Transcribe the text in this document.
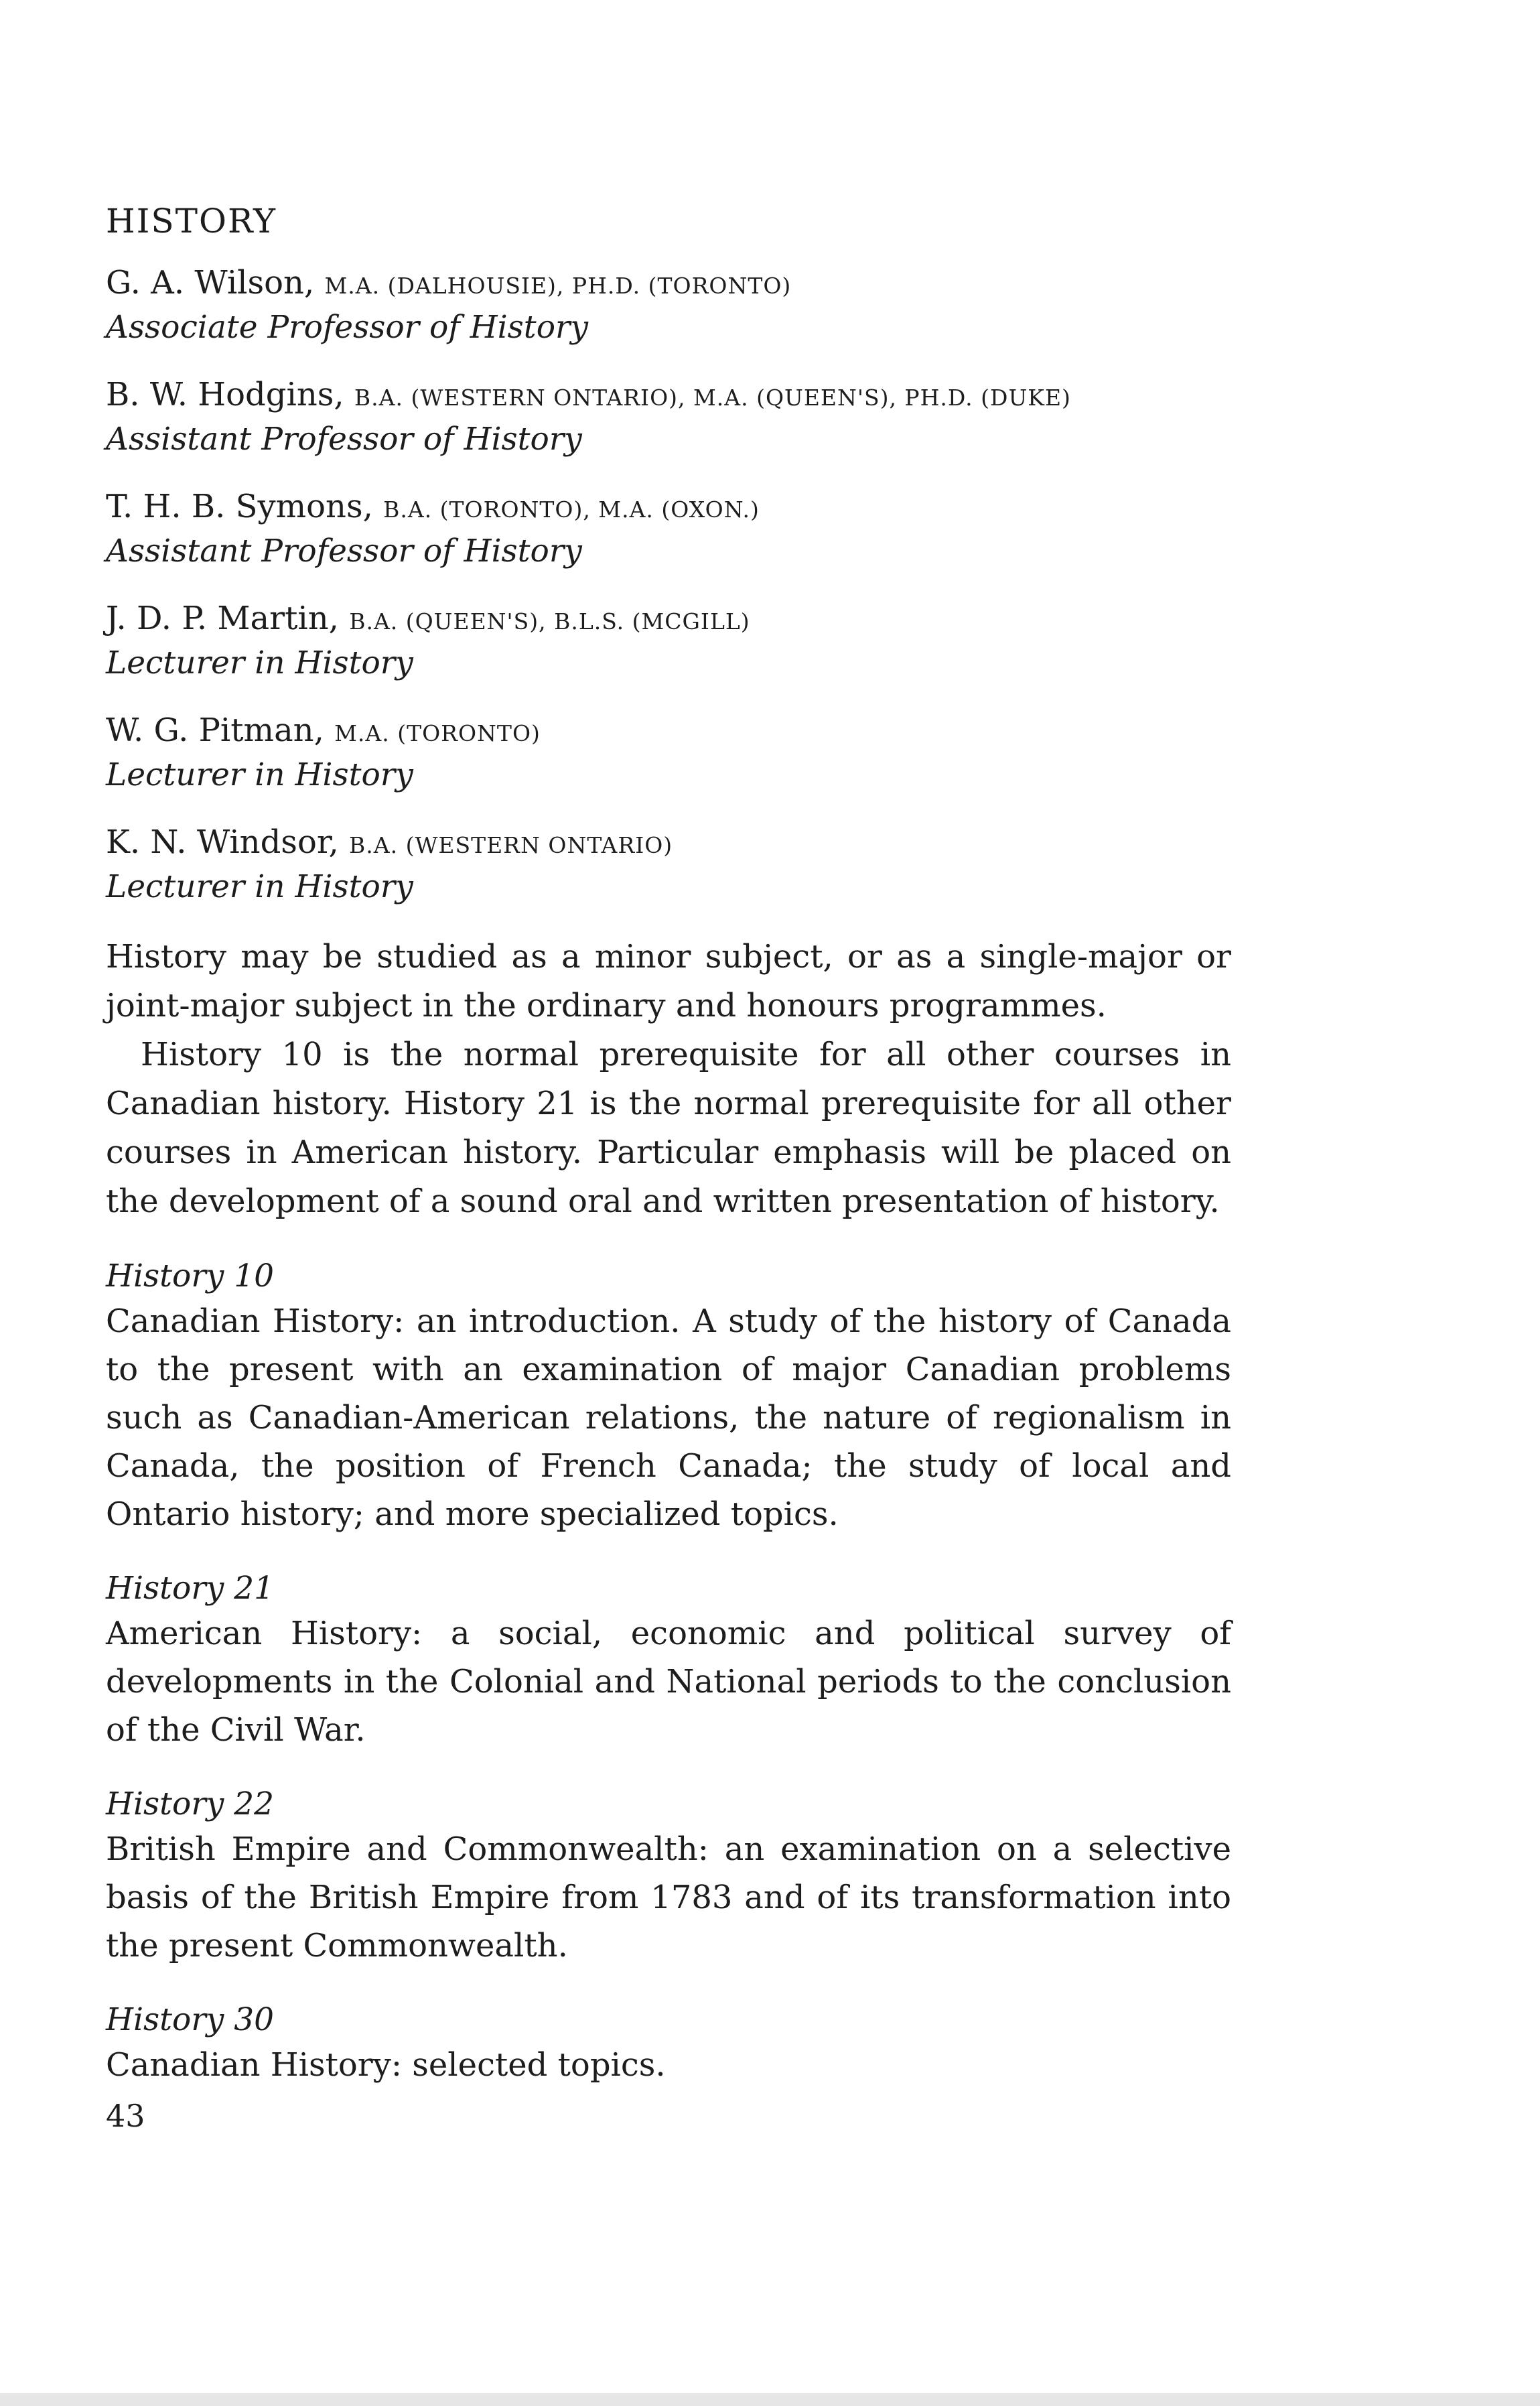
HISTORY
G. A. Wilson, M.A. (DALHOUSIE), PH.D. (TORONTO)
Associate Professor of History
B. W. Hodgins, B.A. (WESTERN ONTARIO), M.A. (QUEEN'S), PH.D. (DUKE)
Assistant Professor of History
T. H. B. Symons, B.A. (TORONTO), M.A. (OXON.)
Assistant Professor of History
J. D. P. Martin, B.A. (QUEEN'S), B.L.S. (MCGILL)
Lecturer in History
W. G. Pitman, M.A. (TORONTO)
Lecturer in History
K. N. Windsor, B.A. (WESTERN ONTARIO)
Lecturer in History

History may be studied as a minor subject, or as a single-major or joint-major subject in the ordinary and honours programmes.

History 10 is the normal prerequisite for all other courses in Canadian history. History 21 is the normal prerequisite for all other courses in American history. Particular emphasis will be placed on the development of a sound oral and written presentation of history.

History 10

Canadian History: an introduction. A study of the history of Canada to the present with an examination of major Canadian problems such as Canadian-American relations, the nature of regionalism in Canada, the position of French Canada; the study of local and Ontario history; and more specialized topics.

History 21

American History: a social, economic and political survey of developments in the Colonial and National periods to the conclusion of the Civil War.

History 22

British Empire and Commonwealth: an examination on a selective basis of the British Empire from 1783 and of its transformation into the present Commonwealth.

History 30

Canadian History: selected topics.

43
